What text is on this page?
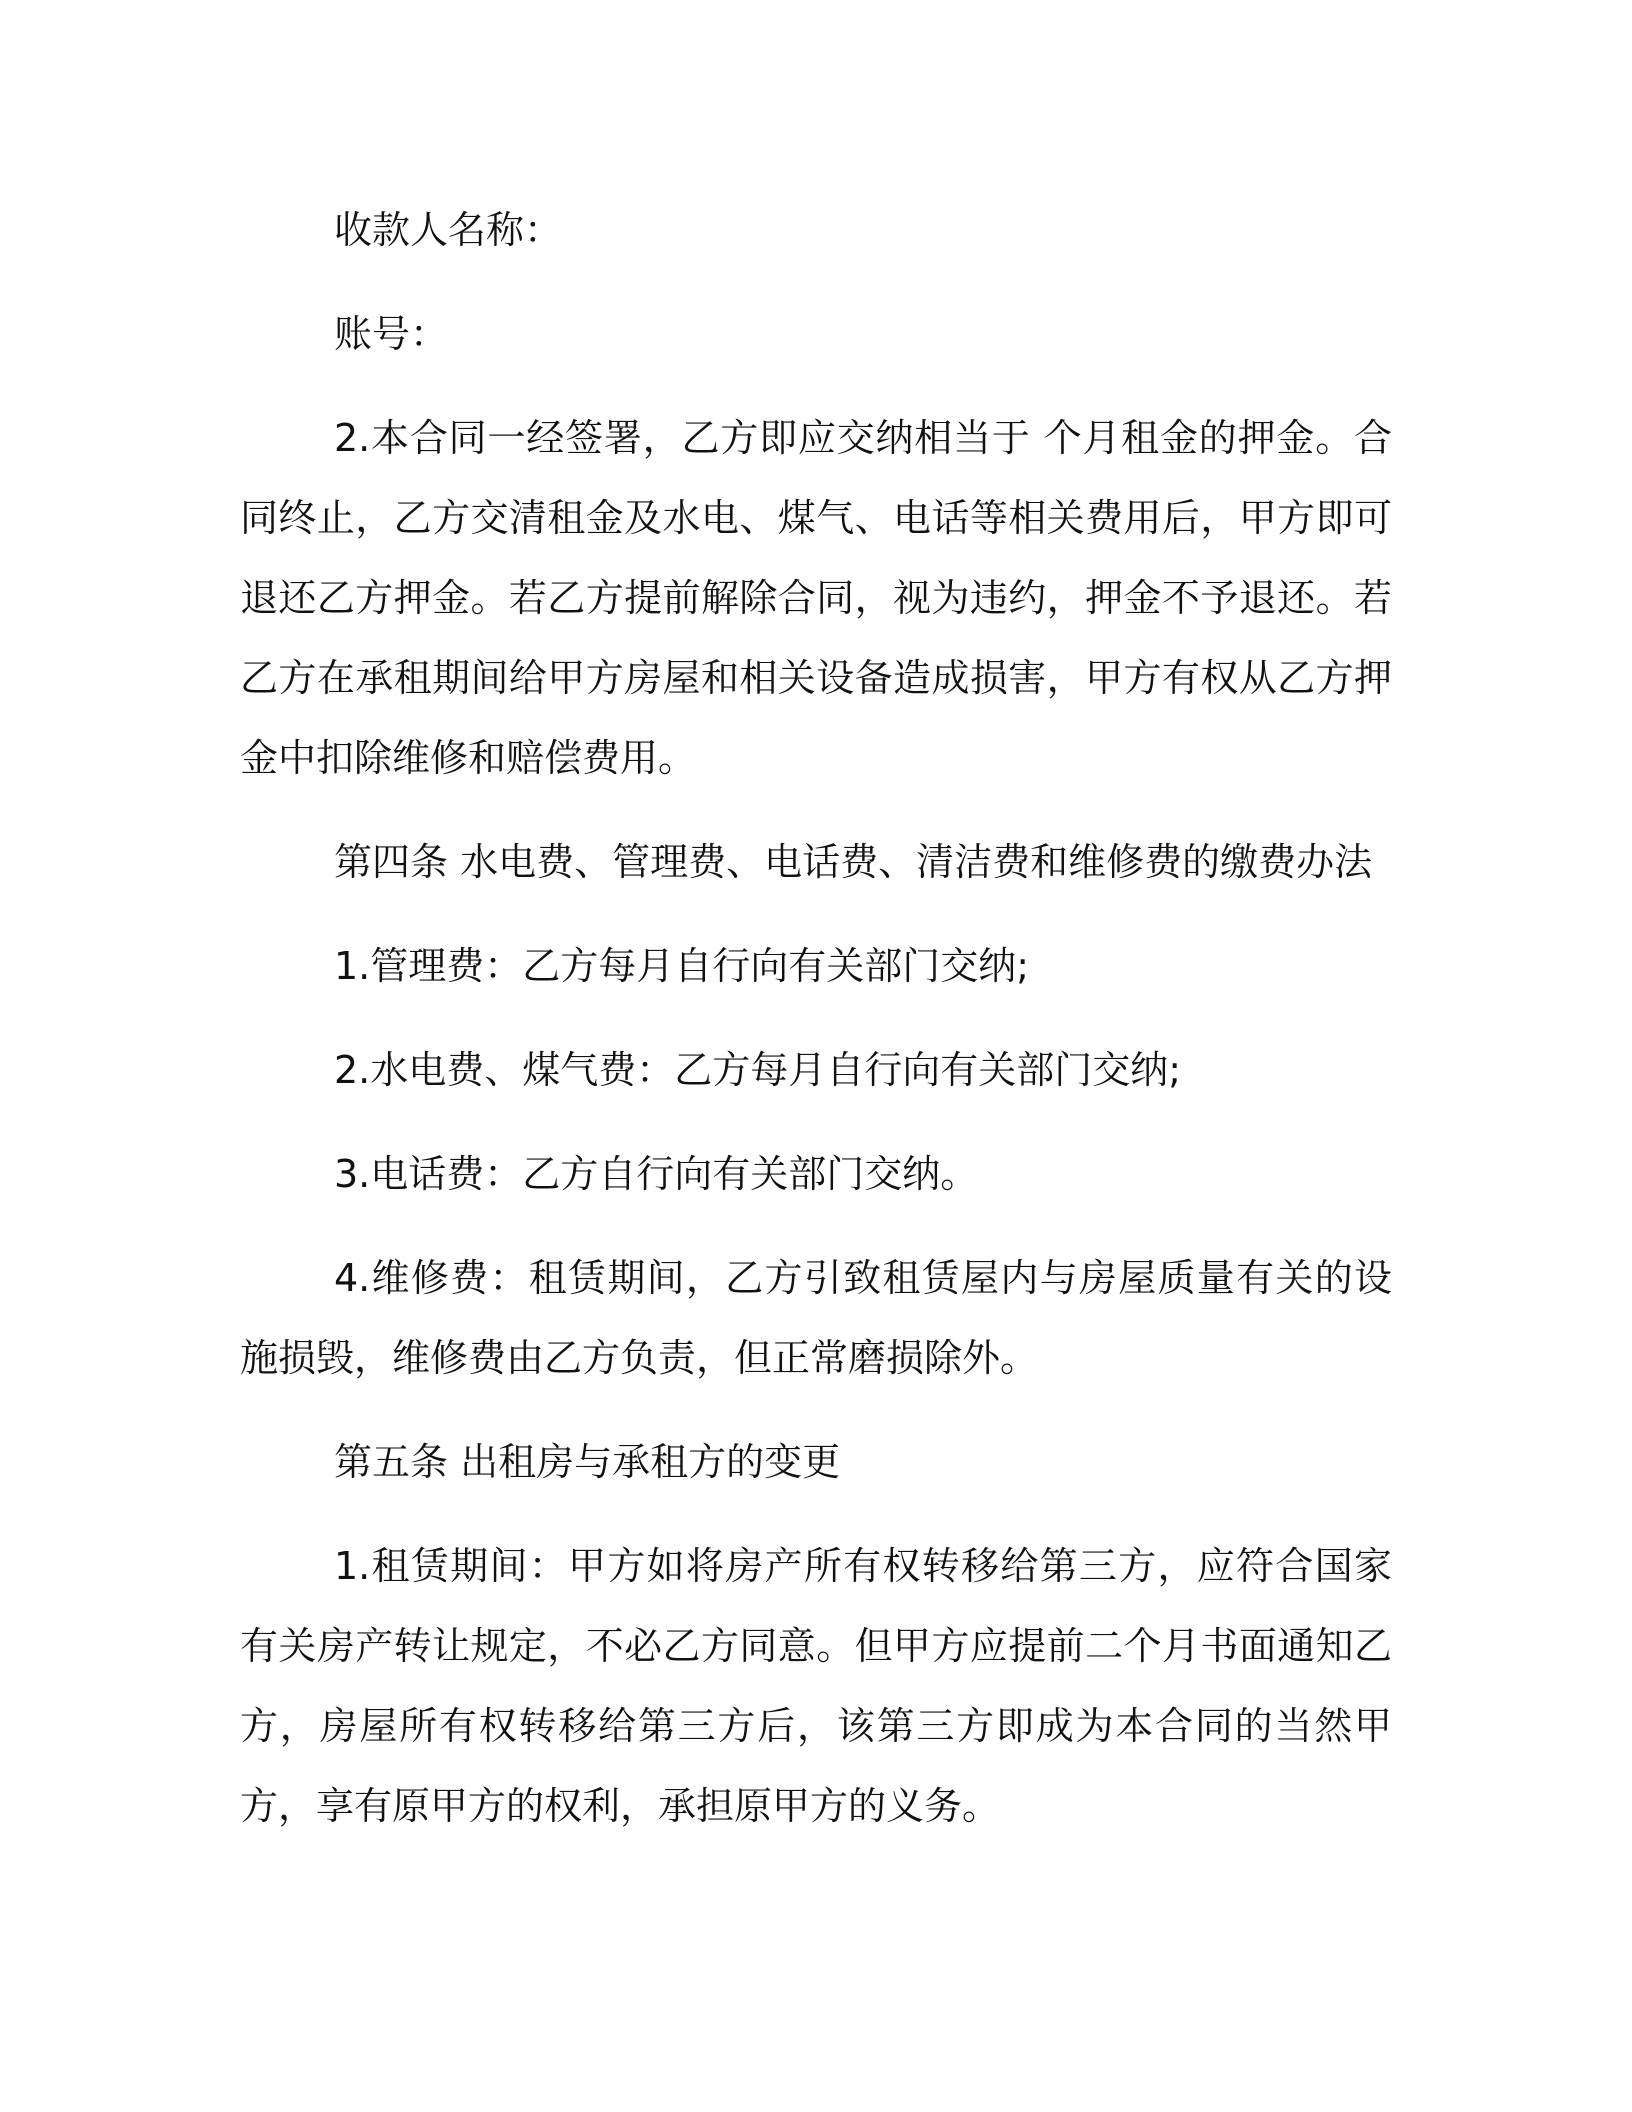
收款人名称：

账号：

2.本合同一经签署，乙方即应交纳相当于 个月租金的押金。合同终止，乙方交清租金及水电、煤气、电话等相关费用后，甲方即可退还乙方押金。若乙方提前解除合同，视为违约，押金不予退还。若乙方在承租期间给甲方房屋和相关设备造成损害，甲方有权从乙方押金中扣除维修和赔偿费用。

第四条 水电费、管理费、电话费、清洁费和维修费的缴费办法

1.管理费：乙方每月自行向有关部门交纳;

2.水电费、煤气费：乙方每月自行向有关部门交纳;

3.电话费：乙方自行向有关部门交纳。

4.维修费：租赁期间，乙方引致租赁屋内与房屋质量有关的设施损毁，维修费由乙方负责，但正常磨损除外。

第五条 出租房与承租方的变更

1.租赁期间：甲方如将房产所有权转移给第三方，应符合国家有关房产转让规定，不必乙方同意。但甲方应提前二个月书面通知乙方，房屋所有权转移给第三方后，该第三方即成为本合同的当然甲方，享有原甲方的权利，承担原甲方的义务。
